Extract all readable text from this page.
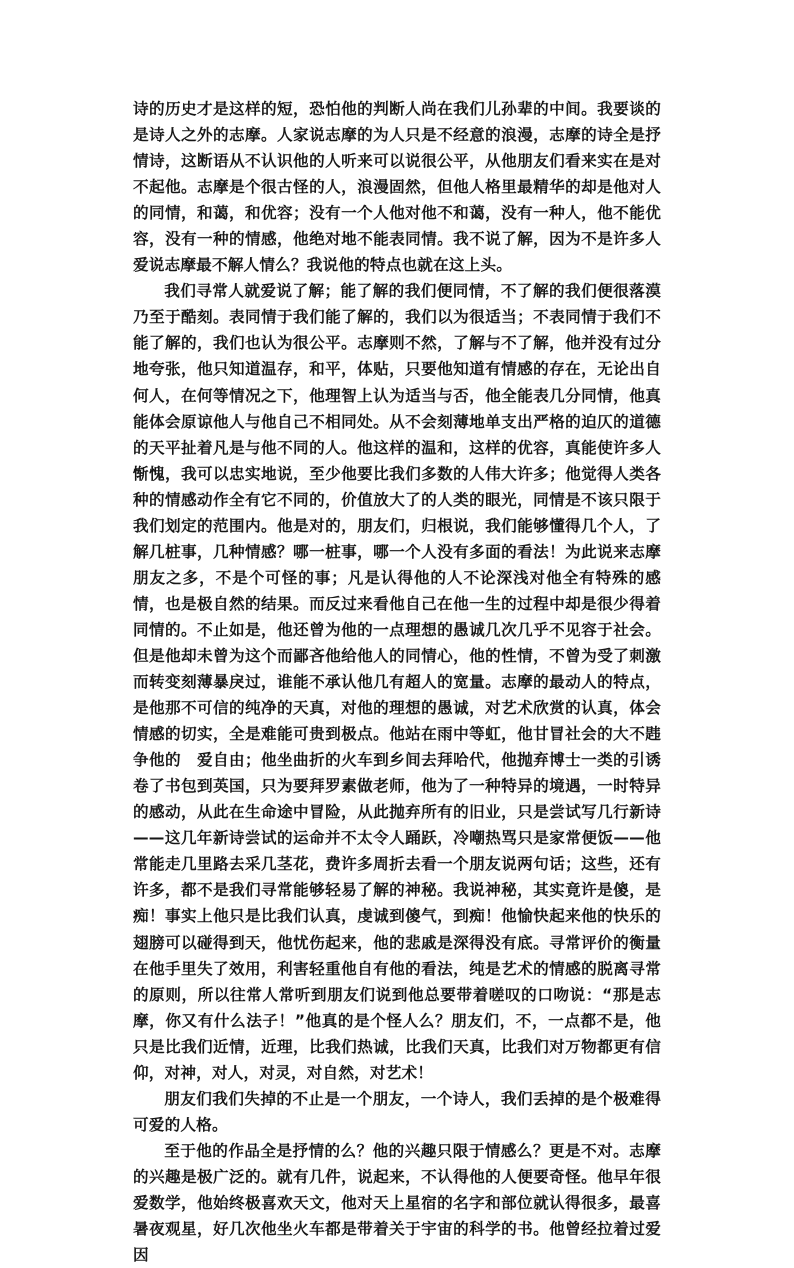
诗的历史才是这样的短，恐怕他的判断人尚在我们儿孙辈的中间。我要谈的是诗人之外的志摩。人家说志摩的为人只是不经意的浪漫，志摩的诗全是抒情诗，这断语从不认识他的人听来可以说很公平，从他朋友们看来实在是对不起他。志摩是个很古怪的人，浪漫固然，但他人格里最精华的却是他对人的同情，和蔼，和优容；没有一个人他对他不和蔼，没有一种人，他不能优容，没有一种的情感，他绝对地不能表同情。我不说了解，因为不是许多人爱说志摩最不解人情么？我说他的特点也就在这上头。

我们寻常人就爱说了解；能了解的我们便同情，不了解的我们便很落漠乃至于酷刻。表同情于我们能了解的，我们以为很适当；不表同情于我们不能了解的，我们也认为很公平。志摩则不然，了解与不了解，他并没有过分地夸张，他只知道温存，和平，体贴，只要他知道有情感的存在，无论出自何人，在何等情况之下，他理智上认为适当与否，他全能表几分同情，他真能体会原谅他人与他自己不相同处。从不会刻薄地单支出严格的迫仄的道德的天平扯着凡是与他不同的人。他这样的温和，这样的优容，真能使许多人惭愧，我可以忠实地说，至少他要比我们多数的人伟大许多；他觉得人类各种的情感动作全有它不同的，价值放大了的人类的眼光，同情是不该只限于我们划定的范围内。他是对的，朋友们，归根说，我们能够懂得几个人，了解几桩事，几种情感？哪一桩事，哪一个人没有多面的看法！为此说来志摩朋友之多，不是个可怪的事；凡是认得他的人不论深浅对他全有特殊的感情，也是极自然的结果。而反过来看他自己在他一生的过程中却是很少得着同情的。不止如是，他还曾为他的一点理想的愚诚几次几乎不见容于社会。但是他却未曾为这个而鄙吝他给他人的同情心，他的性情，不曾为受了刺激而转变刻薄暴戾过，谁能不承认他几有超人的宽量。志摩的最动人的特点，是他那不可信的纯净的天真，对他的理想的愚诚，对艺术欣赏的认真，体会情感的切实，全是难能可贵到极点。他站在雨中等虹，他甘冒社会的大不韪争他的　爱自由；他坐曲折的火车到乡间去拜哈代，他抛弃博士一类的引诱卷了书包到英国，只为要拜罗素做老师，他为了一种特异的境遇，一时特异的感动，从此在生命途中冒险，从此抛弃所有的旧业，只是尝试写几行新诗——这几年新诗尝试的运命并不太令人踊跃，冷嘲热骂只是家常便饭——他常能走几里路去采几茎花，费许多周折去看一个朋友说两句话；这些，还有许多，都不是我们寻常能够轻易了解的神秘。我说神秘，其实竟许是傻，是痴！事实上他只是比我们认真，虔诚到傻气，到痴！他愉快起来他的快乐的翅膀可以碰得到天，他忧伤起来，他的悲戚是深得没有底。寻常评价的衡量在他手里失了效用，利害轻重他自有他的看法，纯是艺术的情感的脱离寻常的原则，所以往常人常听到朋友们说到他总要带着嗟叹的口吻说：“那是志摩，你又有什么法子！”他真的是个怪人么？朋友们，不，一点都不是，他只是比我们近情，近理，比我们热诚，比我们天真，比我们对万物都更有信仰，对神，对人，对灵，对自然，对艺术！

朋友们我们失掉的不止是一个朋友，一个诗人，我们丢掉的是个极难得可爱的人格。

至于他的作品全是抒情的么？他的兴趣只限于情感么？更是不对。志摩的兴趣是极广泛的。就有几件，说起来，不认得他的人便要奇怪。他早年很爱数学，他始终极喜欢天文，他对天上星宿的名字和部位就认得很多，最喜暑夜观星，好几次他坐火车都是带着关于宇宙的科学的书。他曾经拉着过爱因
